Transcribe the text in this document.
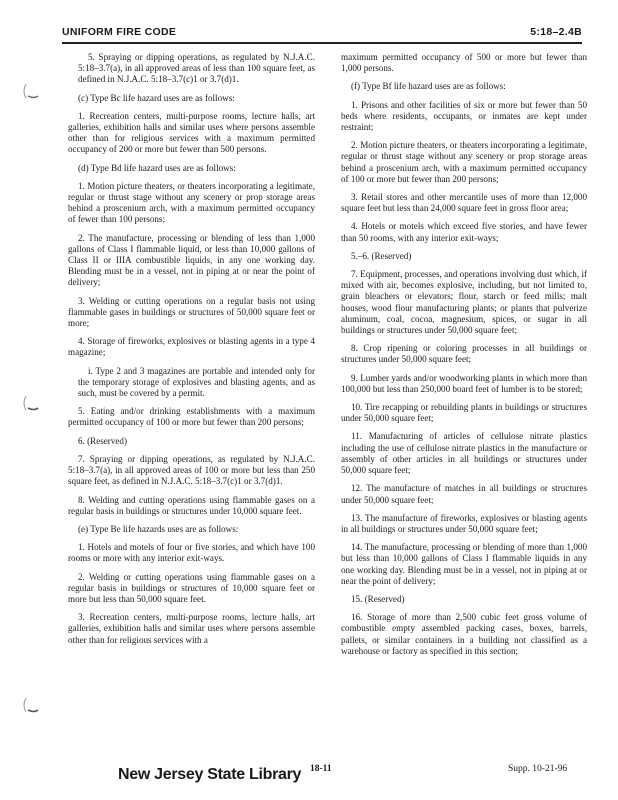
UNIFORM FIRE CODE	5:18–2.4B

5. Spraying or dipping operations, as regulated by N.J.A.C. 5:18–3.7(a), in all approved areas of less than 100 square feet, as defined in N.J.A.C. 5:18–3.7(c)1 or 3.7(d)1.

(c) Type Bc life hazard uses are as follows:

1. Recreation centers, multi-purpose rooms, lecture halls, art galleries, exhibition halls and similar uses where persons assemble other than for religious services with a maximum permitted occupancy of 200 or more but fewer than 500 persons.

(d) Type Bd life hazard uses are as follows:

1. Motion picture theaters, or theaters incorporating a legitimate, regular or thrust stage without any scenery or prop storage areas behind a proscenium arch, with a maximum permitted occupancy of fewer than 100 persons;

2. The manufacture, processing or blending of less than 1,000 gallons of Class I flammable liquid, or less than 10,000 gallons of Class II or IIIA combustible liquids, in any one working day. Blending must be in a vessel, not in piping at or near the point of delivery;

3. Welding or cutting operations on a regular basis not using flammable gases in buildings or structures of 50,000 square feet or more;

4. Storage of fireworks, explosives or blasting agents in a type 4 magazine;

i. Type 2 and 3 magazines are portable and intended only for the temporary storage of explosives and blasting agents, and as such, must be covered by a permit.

5. Eating and/or drinking establishments with a maximum permitted occupancy of 100 or more but fewer than 200 persons;

6. (Reserved)

7. Spraying or dipping operations, as regulated by N.J.A.C. 5:18–3.7(a), in all approved areas of 100 or more but less than 250 square feet, as defined in N.J.A.C. 5:18–3.7(c)1 or 3.7(d)1.

8. Welding and cutting operations using flammable gases on a regular basis in buildings or structures under 10,000 square feet.

(e) Type Be life hazards uses are as follows:

1. Hotels and motels of four or five stories, and which have 100 rooms or more with any interior exit-ways.

2. Welding or cutting operations using flammable gases on a regular basis in buildings or structures of 10,000 square feet or more but less than 50,000 square feet.

3. Recreation centers, multi-purpose rooms, lecture halls, art galleries, exhibition halls and similar uses where persons assemble other than for religious services with a

maximum permitted occupancy of 500 or more but fewer than 1,000 persons.

(f) Type Bf life hazard uses are as follows:

1. Prisons and other facilities of six or more but fewer than 50 beds where residents, occupants, or inmates are kept under restraint;

2. Motion picture theaters, or theaters incorporating a legitimate, regular or thrust stage without any scenery or prop storage areas behind a proscenium arch, with a maximum permitted occupancy of 100 or more but fewer than 200 persons;

3. Retail stores and other mercantile uses of more than 12,000 square feet but less than 24,000 square feet in gross floor area;

4. Hotels or motels which exceed five stories, and have fewer than 50 rooms, with any interior exit-ways;

5.–6. (Reserved)

7. Equipment, processes, and operations involving dust which, if mixed with air, becomes explosive, including, but not limited to, grain bleachers or elevators; flour, starch or feed mills; malt houses, wood flour manufacturing plants; or plants that pulverize aluminum, coal, cocoa, magnesium, spices, or sugar in all buildings or structures under 50,000 square feet;

8. Crop ripening or coloring processes in all buildings or structures under 50,000 square feet;

9. Lumber yards and/or woodworking plants in which more than 100,000 but less than 250,000 board feet of lumber is to be stored;

10. Tire recapping or rebuilding plants in buildings or structures under 50,000 square feet;

11. Manufacturing of articles of cellulose nitrate plastics including the use of cellulose nitrate plastics in the manufacture or assembly of other articles in all buildings or structures under 50,000 square feet;

12. The manufacture of matches in all buildings or structures under 50,000 square feet;

13. The manufacture of fireworks, explosives or blasting agents in all buildings or structures under 50,000 square feet;

14. The manufacture, processing or blending of more than 1,000 but less than 10,000 gallons of Class I flammable liquids in any one working day. Blending must be in a vessel, not in piping at or near the point of delivery;

15. (Reserved)

16. Storage of more than 2,500 cubic feet gross volume of combustible empty assembled packing cases, boxes, barrels, pallets, or similar containers in a building not classified as a warehouse or factory as specified in this section;

New Jersey State Library 18-11	Supp. 10-21-96
